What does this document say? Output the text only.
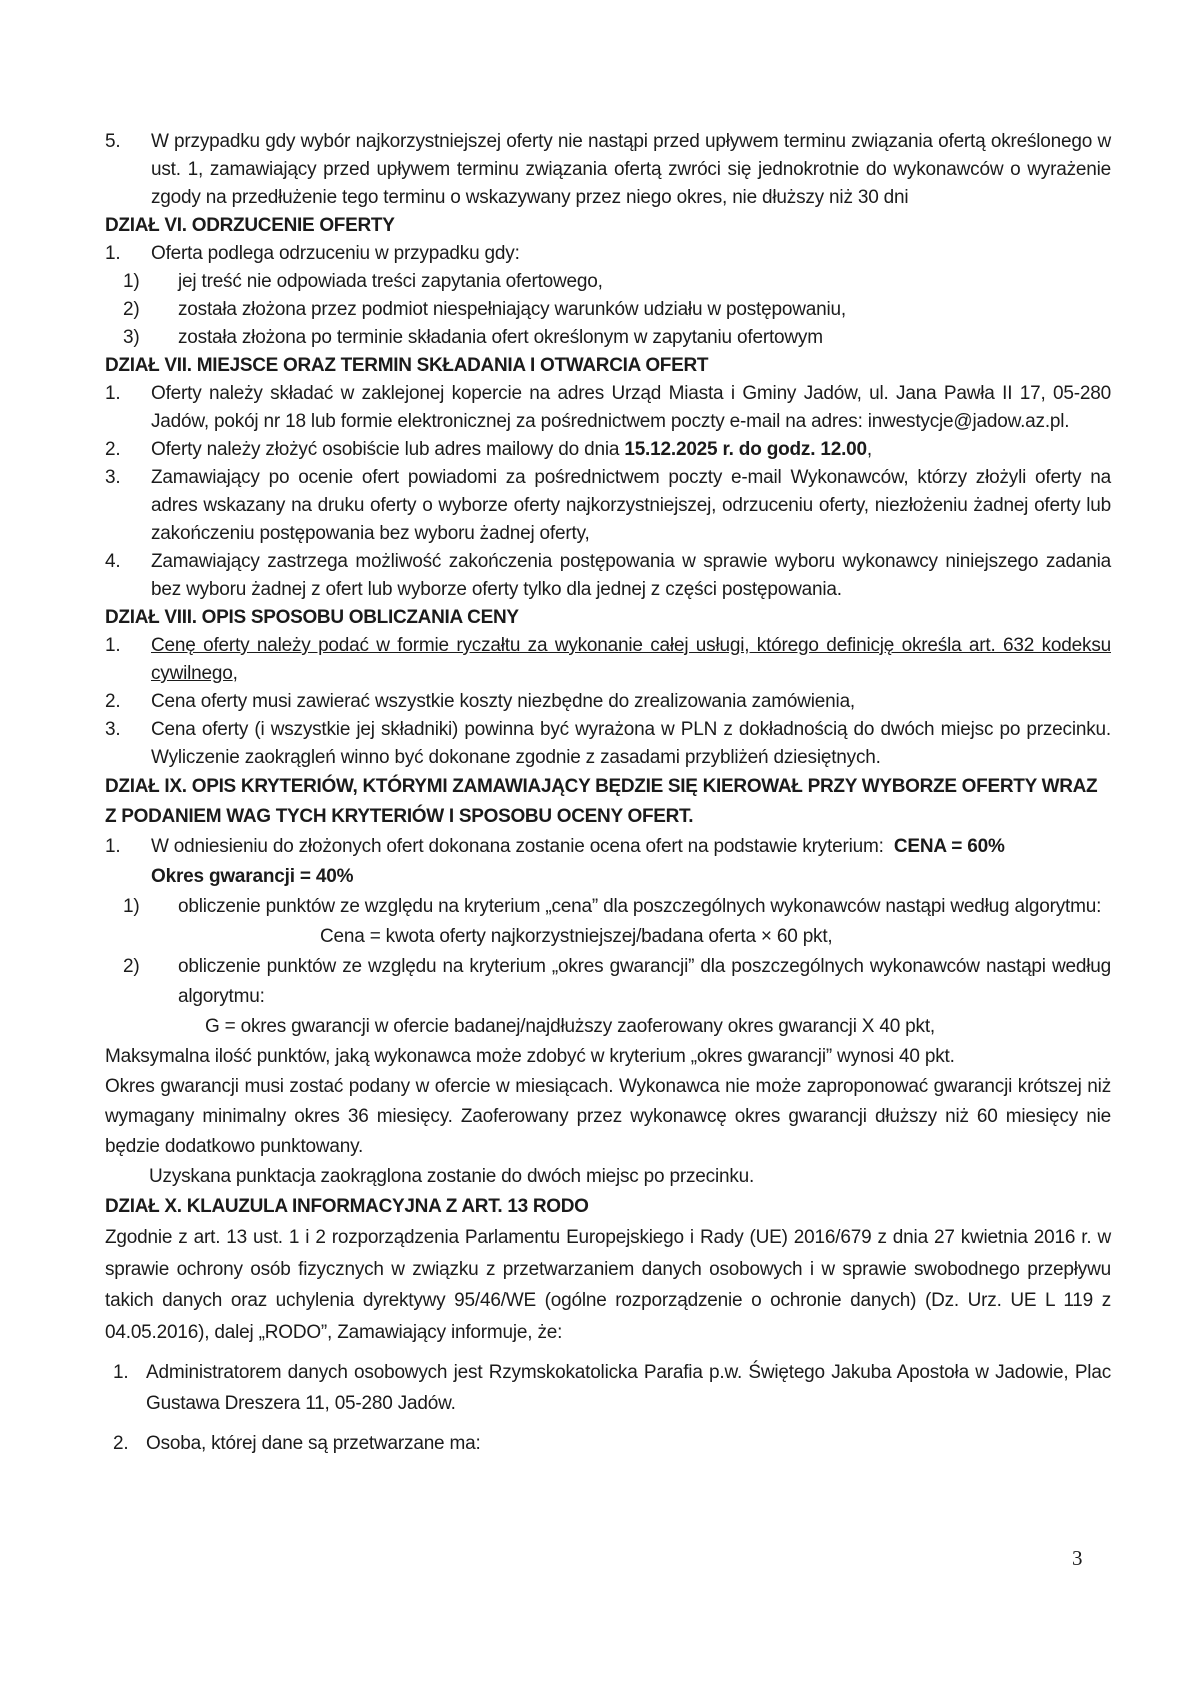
5. W przypadku gdy wybór najkorzystniejszej oferty nie nastąpi przed upływem terminu związania ofertą określonego w ust. 1, zamawiający przed upływem terminu związania ofertą zwróci się jednokrotnie do wykonawców o wyrażenie zgody na przedłużenie tego terminu o wskazywany przez niego okres, nie dłuższy niż 30 dni
DZIAŁ VI. ODRZUCENIE OFERTY
1. Oferta podlega odrzuceniu w przypadku gdy:
1) jej treść nie odpowiada treści zapytania ofertowego,
2) została złożona przez podmiot niespełniający warunków udziału w postępowaniu,
3) została złożona po terminie składania ofert określonym w zapytaniu ofertowym
DZIAŁ VII. MIEJSCE ORAZ TERMIN SKŁADANIA I OTWARCIA OFERT
1. Oferty należy składać w zaklejonej kopercie na adres Urząd Miasta i Gminy Jadów, ul. Jana Pawła II 17, 05-280 Jadów, pokój nr 18 lub formie elektronicznej za pośrednictwem poczty e-mail na adres: inwestycje@jadow.az.pl.
2. Oferty należy złożyć osobiście lub adres mailowy do dnia 15.12.2025 r. do godz. 12.00,
3. Zamawiający po ocenie ofert powiadomi za pośrednictwem poczty e-mail Wykonawców, którzy złożyli oferty na adres wskazany na druku oferty o wyborze oferty najkorzystniejszej, odrzuceniu oferty, niezłożeniu żadnej oferty lub zakończeniu postępowania bez wyboru żadnej oferty,
4. Zamawiający zastrzega możliwość zakończenia postępowania w sprawie wyboru wykonawcy niniejszego zadania bez wyboru żadnej z ofert lub wyborze oferty tylko dla jednej z części postępowania.
DZIAŁ VIII. OPIS SPOSOBU OBLICZANIA CENY
1. Cenę oferty należy podać w formie ryczałtu za wykonanie całej usługi, którego definicję określa art. 632 kodeksu cywilnego,
2. Cena oferty musi zawierać wszystkie koszty niezbędne do zrealizowania zamówienia,
3. Cena oferty (i wszystkie jej składniki) powinna być wyrażona w PLN z dokładnością do dwóch miejsc po przecinku. Wyliczenie zaokrągleń winno być dokonane zgodnie z zasadami przybliżeń dziesiętnych.
DZIAŁ IX. OPIS KRYTERIÓW, KTÓRYMI ZAMAWIAJĄCY BĘDZIE SIĘ KIEROWAŁ PRZY WYBORZE OFERTY WRAZ Z PODANIEM WAG TYCH KRYTERIÓW I SPOSOBU OCENY OFERT.
1. W odniesieniu do złożonych ofert dokonana zostanie ocena ofert na podstawie kryterium:  CENA = 60%
Okres gwarancji = 40%
1) obliczenie punktów ze względu na kryterium „cena” dla poszczególnych wykonawców nastąpi według algorytmu:
Cena = kwota oferty najkorzystniejszej/badana oferta × 60 pkt,
2) obliczenie punktów ze względu na kryterium „okres gwarancji” dla poszczególnych wykonawców nastąpi według algorytmu:
G = okres gwarancji w ofercie badanej/najdłuższy zaoferowany okres gwarancji X 40 pkt,
Maksymalna ilość punktów, jaką wykonawca może zdobyć w kryterium „okres gwarancji” wynosi 40 pkt.
Okres gwarancji musi zostać podany w ofercie w miesiącach. Wykonawca nie może zaproponować gwarancji krótszej niż wymagany minimalny okres 36 miesięcy. Zaoferowany przez wykonawcę okres gwarancji dłuższy niż 60 miesięcy nie będzie dodatkowo punktowany.
Uzyskana punktacja zaokrąglona zostanie do dwóch miejsc po przecinku.
DZIAŁ X. KLAUZULA INFORMACYJNA Z ART. 13 RODO
Zgodnie z art. 13 ust. 1 i 2 rozporządzenia Parlamentu Europejskiego i Rady (UE) 2016/679 z dnia 27 kwietnia 2016 r. w sprawie ochrony osób fizycznych w związku z przetwarzaniem danych osobowych i w sprawie swobodnego przepływu takich danych oraz uchylenia dyrektywy 95/46/WE (ogólne rozporządzenie o ochronie danych) (Dz. Urz. UE L 119 z 04.05.2016), dalej „RODO”, Zamawiający informuje, że:
1. Administratorem danych osobowych jest Rzymskokatolicka Parafia p.w. Świętego Jakuba Apostoła w Jadowie, Plac Gustawa Dreszera 11, 05-280 Jadów.
2. Osoba, której dane są przetwarzane ma:
3
